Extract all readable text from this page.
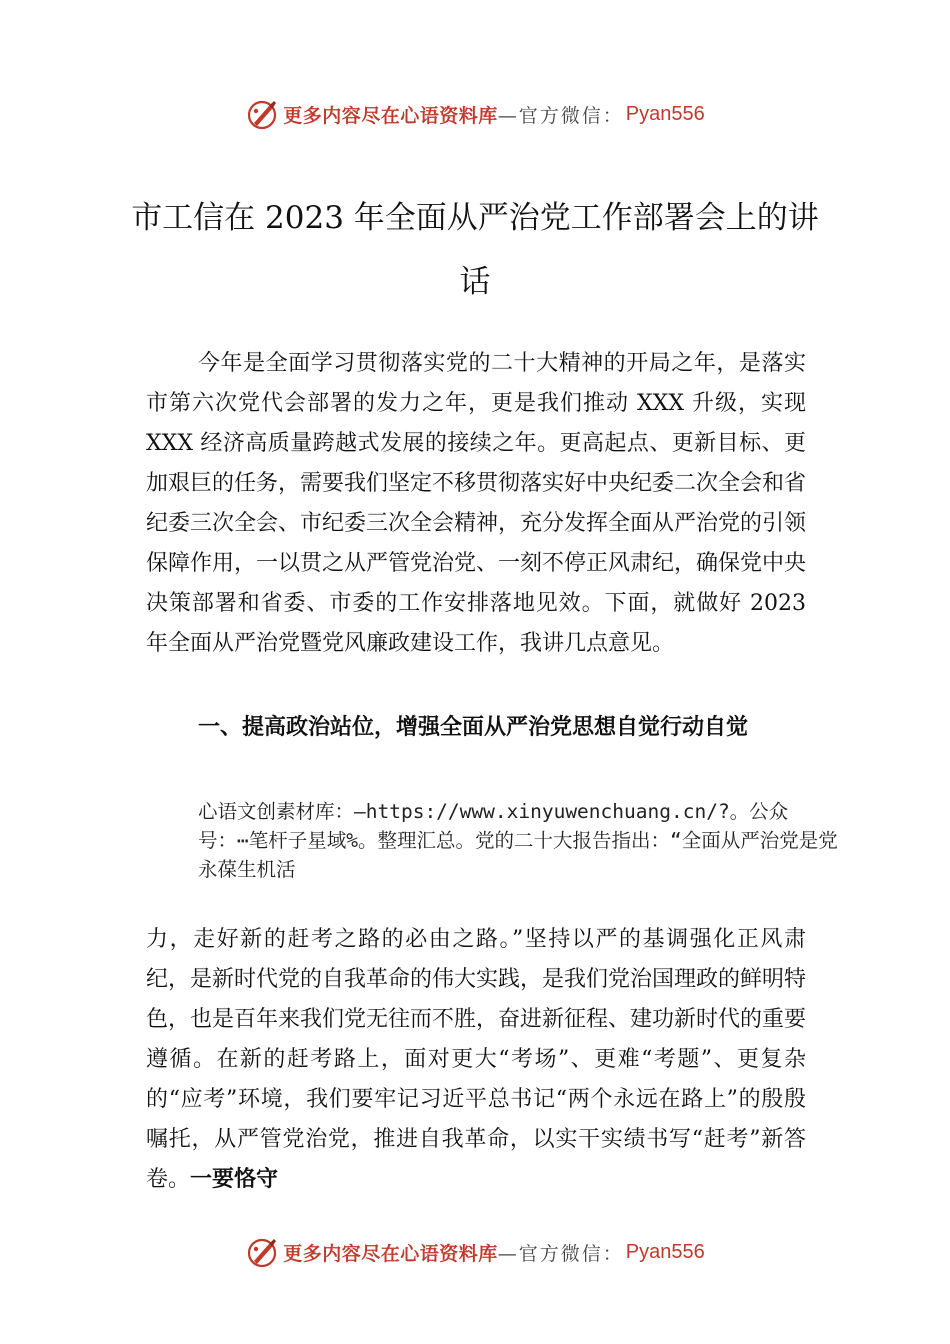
更多内容尽在心语资料库 —官方微信： Pyan556
市工信在 2023 年全面从严治党工作部署会上的讲话

今年是全面学习贯彻落实党的二十大精神的开局之年，是落实市第六次党代会部署的发力之年，更是我们推动 XXX 升级，实现 XXX 经济高质量跨越式发展的接续之年。更高起点、更新目标、更加艰巨的任务，需要我们坚定不移贯彻落实好中央纪委二次全会和省纪委三次全会、市纪委三次全会精神，充分发挥全面从严治党的引领保障作用，一以贯之从严管党治党、一刻不停正风肃纪，确保党中央决策部署和省委、市委的工作安排落地见效。下面，就做好 2023 年全面从严治党暨党风廉政建设工作，我讲几点意见。

一、提高政治站位，增强全面从严治党思想自觉行动自觉

心语文创素材库：—https://www.xinyuwenchuang.cn/?。公众号：⋯笔杆子星域%。整理汇总。党的二十大报告指出：“全面从严治党是党永葆生机活

力，走好新的赶考之路的必由之路。”坚持以严的基调强化正风肃纪，是新时代党的自我革命的伟大实践，是我们党治国理政的鲜明特色，也是百年来我们党无往而不胜，奋进新征程、建功新时代的重要遵循。在新的赶考路上，面对更大“考场”、更难“考题”、更复杂的“应考”环境，我们要牢记习近平总书记“两个永远在路上”的殷殷嘱托，从严管党治党，推进自我革命，以实干实绩书写“赶考”新答卷。一要恪守

更多内容尽在心语资料库 —官方微信： Pyan556
